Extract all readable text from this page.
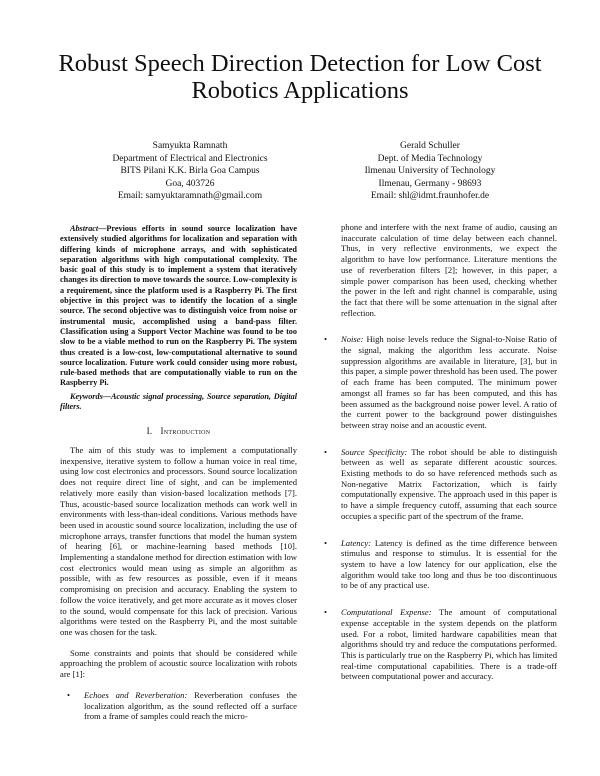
Robust Speech Direction Detection for Low Cost Robotics Applications
Samyukta Ramnath
Department of Electrical and Electronics
BITS Pilani K.K. Birla Goa Campus
Goa, 403726
Email: samyuktaramnath@gmail.com
Gerald Schuller
Dept. of Media Technology
Ilmenau University of Technology
Ilmenau, Germany - 98693
Email: shl@idmt.fraunhofer.de

Abstract—Previous efforts in sound source localization have extensively studied algorithms for localization and separation with differing kinds of microphone arrays, and with sophisticated separation algorithms with high computational complexity. The basic goal of this study is to implement a system that iteratively changes its direction to move towards the source. Low-complexity is a requirement, since the platform used is a Raspberry Pi. The first objective in this project was to identify the location of a single source. The second objective was to distinguish voice from noise or instrumental music, accomplished using a band-pass filter. Classification using a Support Vector Machine was found to be too slow to be a viable method to run on the Raspberry Pi. The system thus created is a low-cost, low-computational alternative to sound source localization. Future work could consider using more robust, rule-based methods that are computationally viable to run on the Raspberry Pi.

Keywords—Acoustic signal processing, Source separation, Digital filters.

I. Introduction

The aim of this study was to implement a computationally inexpensive, iterative system to follow a human voice in real time, using low cost electronics and processors. Sound source localization does not require direct line of sight, and can be implemented relatively more easily than vision-based localization methods [7]. Thus, acoustic-based source localization methods can work well in environments with less-than-ideal conditions. Various methods have been used in acoustic sound source localization, including the use of microphone arrays, transfer functions that model the human system of hearing [6], or machine-learning based methods [10]. Implementing a standalone method for direction estimation with low cost electronics would mean using as simple an algorithm as possible, with as few resources as possible, even if it means compromising on precision and accuracy. Enabling the system to follow the voice iteratively, and get more accurate as it moves closer to the sound, would compensate for this lack of precision. Various algorithms were tested on the Raspberry Pi, and the most suitable one was chosen for the task.

Some constraints and points that should be considered while approaching the problem of acoustic source localization with robots are [1]:

• Echoes and Reverberation: Reverberation confuses the localization algorithm, as the sound reflected off a surface from a frame of samples could reach the micro-
phone and interfere with the next frame of audio, causing an inaccurate calculation of time delay between each channel. Thus, in very reflective environments, we expect the algorithm to have low performance. Literature mentions the use of reverberation filters [2]; however, in this paper, a simple power comparison has been used, checking whether the power in the left and right channel is comparable, using the fact that there will be some attenuation in the signal after reflection.
• Noise: High noise levels reduce the Signal-to-Noise Ratio of the signal, making the algorithm less accurate. Noise suppression algorithms are available in literature, [3], but in this paper, a simple power threshold has been used. The power of each frame has been computed. The minimum power amongst all frames so far has been computed, and this has been assumed as the background noise power level. A ratio of the current power to the background power distinguishes between stray noise and an acoustic event.
• Source Specificity: The robot should be able to distinguish between as well as separate different acoustic sources. Existing methods to do so have referenced methods such as Non-negative Matrix Factorization, which is fairly computationally expensive. The approach used in this paper is to have a simple frequency cutoff, assuming that each source occupies a specific part of the spectrum of the frame.
• Latency: Latency is defined as the time difference between stimulus and response to stimulus. It is essential for the system to have a low latency for our application, else the algorithm would take too long and thus be too discontinuous to be of any practical use.
• Computational Expense: The amount of computational expense acceptable in the system depends on the platform used. For a robot, limited hardware capabilities mean that algorithms should try and reduce the computations performed. This is particularly true on the Raspberry Pi, which has limited real-time computational capabilities. There is a trade-off between computational power and accuracy.
